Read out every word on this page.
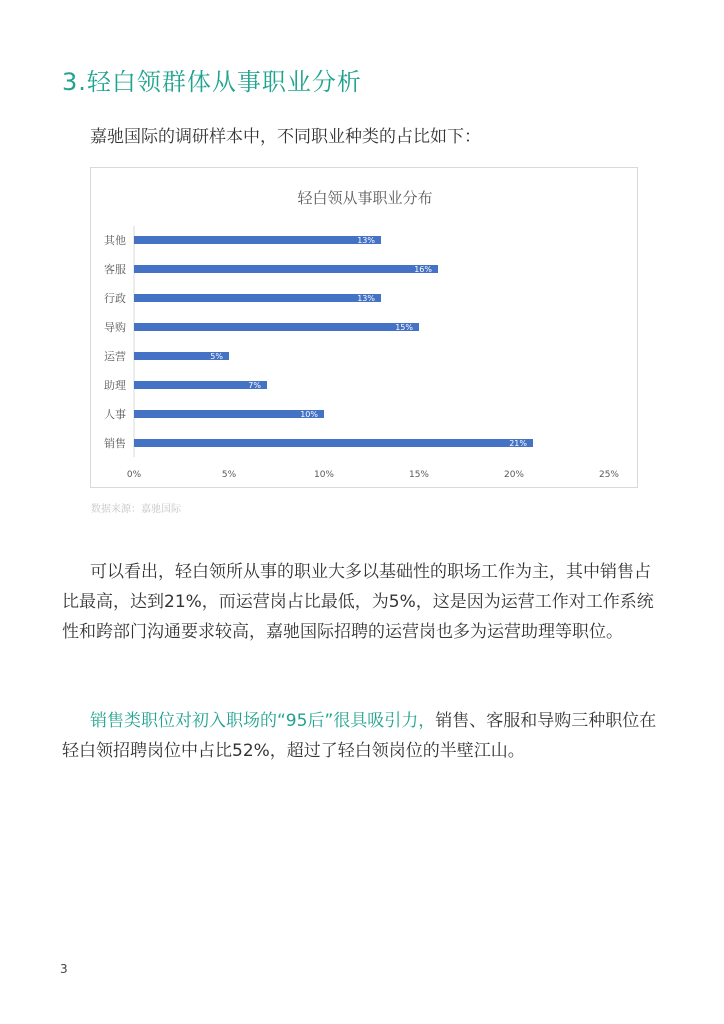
3.轻白领群体从事职业分析
嘉驰国际的调研样本中，不同职业种类的占比如下：
轻白领从事职业分布
其他	13%
客服	16%
行政	13%
导购	15%
运营	5%
助理	7%
人事	10%
销售	21%
0%	5%	10%	15%	20%	25%
数据来源：嘉驰国际
可以看出，轻白领所从事的职业大多以基础性的职场工作为主，其中销售占比最高，达到21%，而运营岗占比最低，为5%，这是因为运营工作对工作系统性和跨部门沟通要求较高，嘉驰国际招聘的运营岗也多为运营助理等职位。
销售类职位对初入职场的“95后”很具吸引力，销售、客服和导购三种职位在轻白领招聘岗位中占比52%，超过了轻白领岗位的半壁江山。
3
